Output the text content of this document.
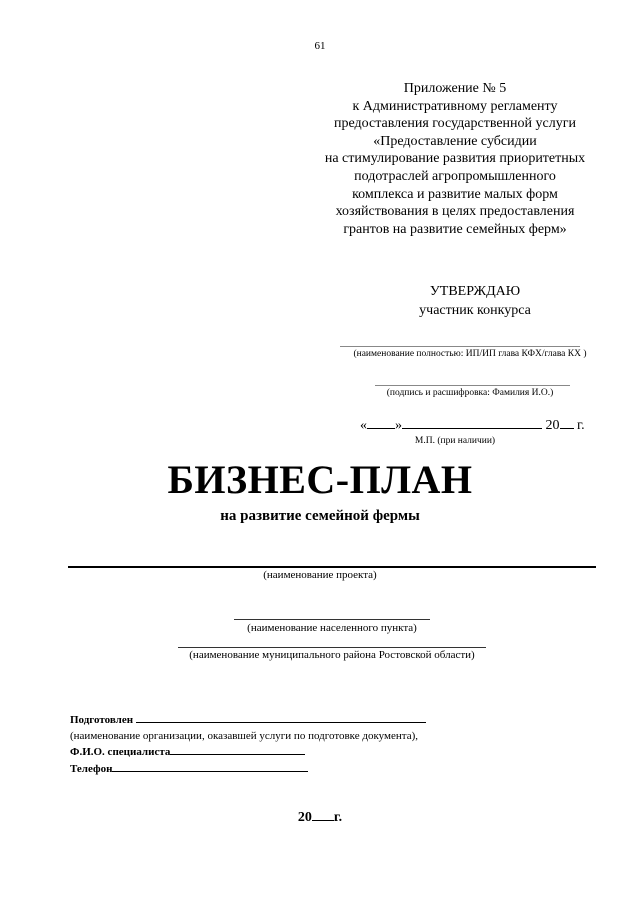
61
Приложение № 5
к Административному регламенту
предоставления государственной услуги
«Предоставление субсидии
на стимулирование развития приоритетных
подотраслей агропромышленного
комплекса и развитие малых форм
хозяйствования в целях предоставления
грантов на развитие семейных ферм»
УТВЕРЖДАЮ
участник конкурса
(наименование полностью: ИП/ИП глава КФХ/глава КХ )
(подпись и расшифровка: Фамилия И.О.)
« »	20 г.
М.П. (при наличии)
БИЗНЕС-ПЛАН
на развитие семейной фермы
(наименование проекта)
(наименование населенного пункта)
(наименование муниципального района Ростовской области)
Подготовлен
(наименование организации, оказавшей услуги по подготовке документа),
Ф.И.О. специалиста
Телефон
20 г.
